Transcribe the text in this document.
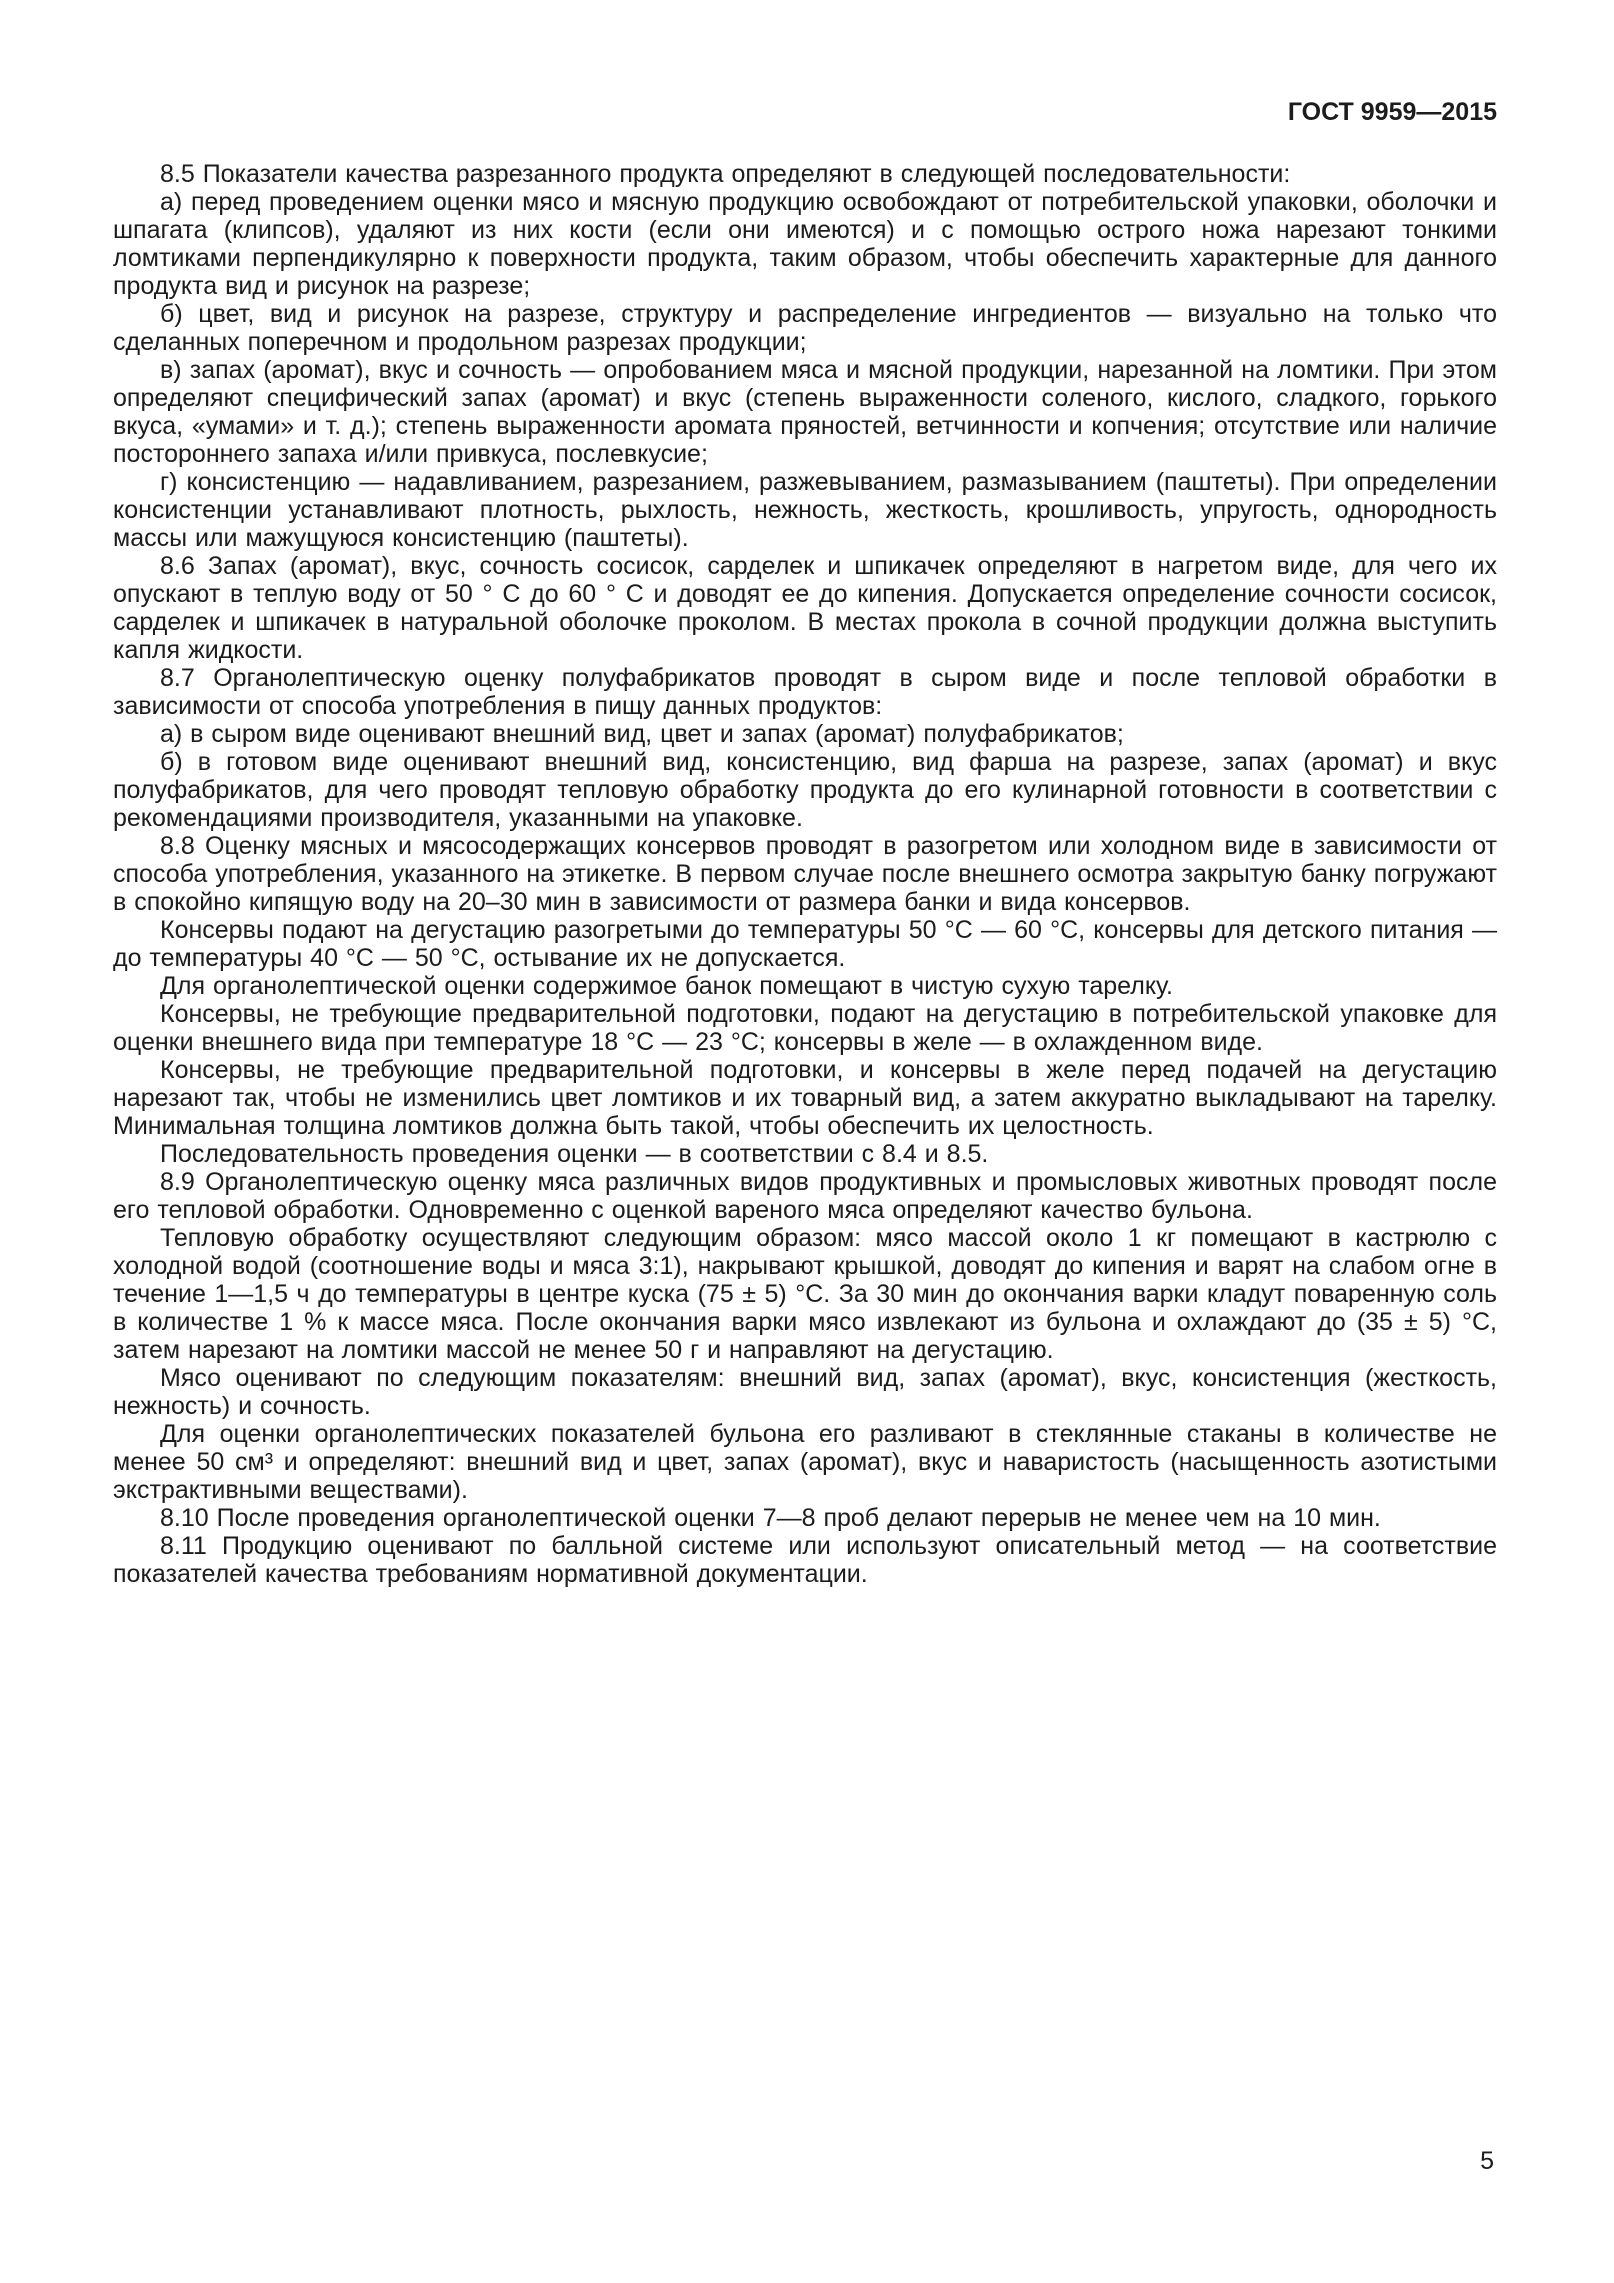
ГОСТ 9959—2015

8.5 Показатели качества разрезанного продукта определяют в следующей последовательности:

а) перед проведением оценки мясо и мясную продукцию освобождают от потребительской упаковки, оболочки и шпагата (клипсов), удаляют из них кости (если они имеются) и с помощью острого ножа нарезают тонкими ломтиками перпендикулярно к поверхности продукта, таким образом, чтобы обеспечить характерные для данного продукта вид и рисунок на разрезе;

б) цвет, вид и рисунок на разрезе, структуру и распределение ингредиентов — визуально на только что сделанных поперечном и продольном разрезах продукции;

в) запах (аромат), вкус и сочность — опробованием мяса и мясной продукции, нарезанной на ломтики. При этом определяют специфический запах (аромат) и вкус (степень выраженности соленого, кислого, сладкого, горького вкуса, «умами» и т. д.); степень выраженности аромата пряностей, ветчинности и копчения; отсутствие или наличие постороннего запаха и/или привкуса, послевкусие;

г) консистенцию — надавливанием, разрезанием, разжевыванием, размазыванием (паштеты). При определении консистенции устанавливают плотность, рыхлость, нежность, жесткость, крошливость, упругость, однородность массы или мажущуюся консистенцию (паштеты).

8.6 Запах (аромат), вкус, сочность сосисок, сарделек и шпикачек определяют в нагретом виде, для чего их опускают в теплую воду от 50 ° С до 60 ° С и доводят ее до кипения. Допускается определение сочности сосисок, сарделек и шпикачек в натуральной оболочке проколом. В местах прокола в сочной продукции должна выступить капля жидкости.

8.7 Органолептическую оценку полуфабрикатов проводят в сыром виде и после тепловой обработки в зависимости от способа употребления в пищу данных продуктов:

а) в сыром виде оценивают внешний вид, цвет и запах (аромат) полуфабрикатов;

б) в готовом виде оценивают внешний вид, консистенцию, вид фарша на разрезе, запах (аромат) и вкус полуфабрикатов, для чего проводят тепловую обработку продукта до его кулинарной готовности в соответствии с рекомендациями производителя, указанными на упаковке.

8.8 Оценку мясных и мясосодержащих консервов проводят в разогретом или холодном виде в зависимости от способа употребления, указанного на этикетке. В первом случае после внешнего осмотра закрытую банку погружают в спокойно кипящую воду на 20–30 мин в зависимости от размера банки и вида консервов.

Консервы подают на дегустацию разогретыми до температуры 50 °С — 60 °С, консервы для детского питания — до температуры 40 °С — 50 °С, остывание их не допускается.

Для органолептической оценки содержимое банок помещают в чистую сухую тарелку.

Консервы, не требующие предварительной подготовки, подают на дегустацию в потребительской упаковке для оценки внешнего вида при температуре 18 °С — 23 °С; консервы в желе — в охлажденном виде.

Консервы, не требующие предварительной подготовки, и консервы в желе перед подачей на дегустацию нарезают так, чтобы не изменились цвет ломтиков и их товарный вид, а затем аккуратно выкладывают на тарелку. Минимальная толщина ломтиков должна быть такой, чтобы обеспечить их целостность.

Последовательность проведения оценки — в соответствии с 8.4 и 8.5.

8.9 Органолептическую оценку мяса различных видов продуктивных и промысловых животных проводят после его тепловой обработки. Одновременно с оценкой вареного мяса определяют качество бульона.

Тепловую обработку осуществляют следующим образом: мясо массой около 1 кг помещают в кастрюлю с холодной водой (соотношение воды и мяса 3:1), накрывают крышкой, доводят до кипения и варят на слабом огне в течение 1—1,5 ч до температуры в центре куска (75 ± 5) °С. За 30 мин до окончания варки кладут поваренную соль в количестве 1 % к массе мяса. После окончания варки мясо извлекают из бульона и охлаждают до (35 ± 5) °С, затем нарезают на ломтики массой не менее 50 г и направляют на дегустацию.

Мясо оценивают по следующим показателям: внешний вид, запах (аромат), вкус, консистенция (жесткость, нежность) и сочность.

Для оценки органолептических показателей бульона его разливают в стеклянные стаканы в количестве не менее 50 см³ и определяют: внешний вид и цвет, запах (аромат), вкус и наваристость (насыщенность азотистыми экстрактивными веществами).

8.10 После проведения органолептической оценки 7—8 проб делают перерыв не менее чем на 10 мин.

8.11 Продукцию оценивают по балльной системе или используют описательный метод — на соответствие показателей качества требованиям нормативной документации.

5
